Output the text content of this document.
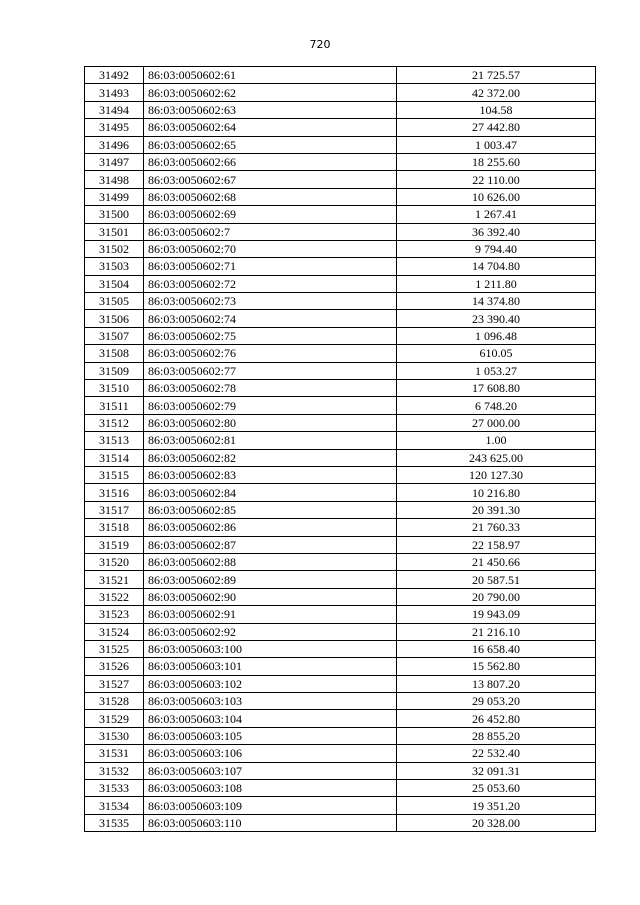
720
31492	86:03:0050602:61	21 725.57
31493	86:03:0050602:62	42 372.00
31494	86:03:0050602:63	104.58
31495	86:03:0050602:64	27 442.80
31496	86:03:0050602:65	1 003.47
31497	86:03:0050602:66	18 255.60
31498	86:03:0050602:67	22 110.00
31499	86:03:0050602:68	10 626.00
31500	86:03:0050602:69	1 267.41
31501	86:03:0050602:7	36 392.40
31502	86:03:0050602:70	9 794.40
31503	86:03:0050602:71	14 704.80
31504	86:03:0050602:72	1 211.80
31505	86:03:0050602:73	14 374.80
31506	86:03:0050602:74	23 390.40
31507	86:03:0050602:75	1 096.48
31508	86:03:0050602:76	610.05
31509	86:03:0050602:77	1 053.27
31510	86:03:0050602:78	17 608.80
31511	86:03:0050602:79	6 748.20
31512	86:03:0050602:80	27 000.00
31513	86:03:0050602:81	1.00
31514	86:03:0050602:82	243 625.00
31515	86:03:0050602:83	120 127.30
31516	86:03:0050602:84	10 216.80
31517	86:03:0050602:85	20 391.30
31518	86:03:0050602:86	21 760.33
31519	86:03:0050602:87	22 158.97
31520	86:03:0050602:88	21 450.66
31521	86:03:0050602:89	20 587.51
31522	86:03:0050602:90	20 790.00
31523	86:03:0050602:91	19 943.09
31524	86:03:0050602:92	21 216.10
31525	86:03:0050603:100	16 658.40
31526	86:03:0050603:101	15 562.80
31527	86:03:0050603:102	13 807.20
31528	86:03:0050603:103	29 053.20
31529	86:03:0050603:104	26 452.80
31530	86:03:0050603:105	28 855.20
31531	86:03:0050603:106	22 532.40
31532	86:03:0050603:107	32 091.31
31533	86:03:0050603:108	25 053.60
31534	86:03:0050603:109	19 351.20
31535	86:03:0050603:110	20 328.00
